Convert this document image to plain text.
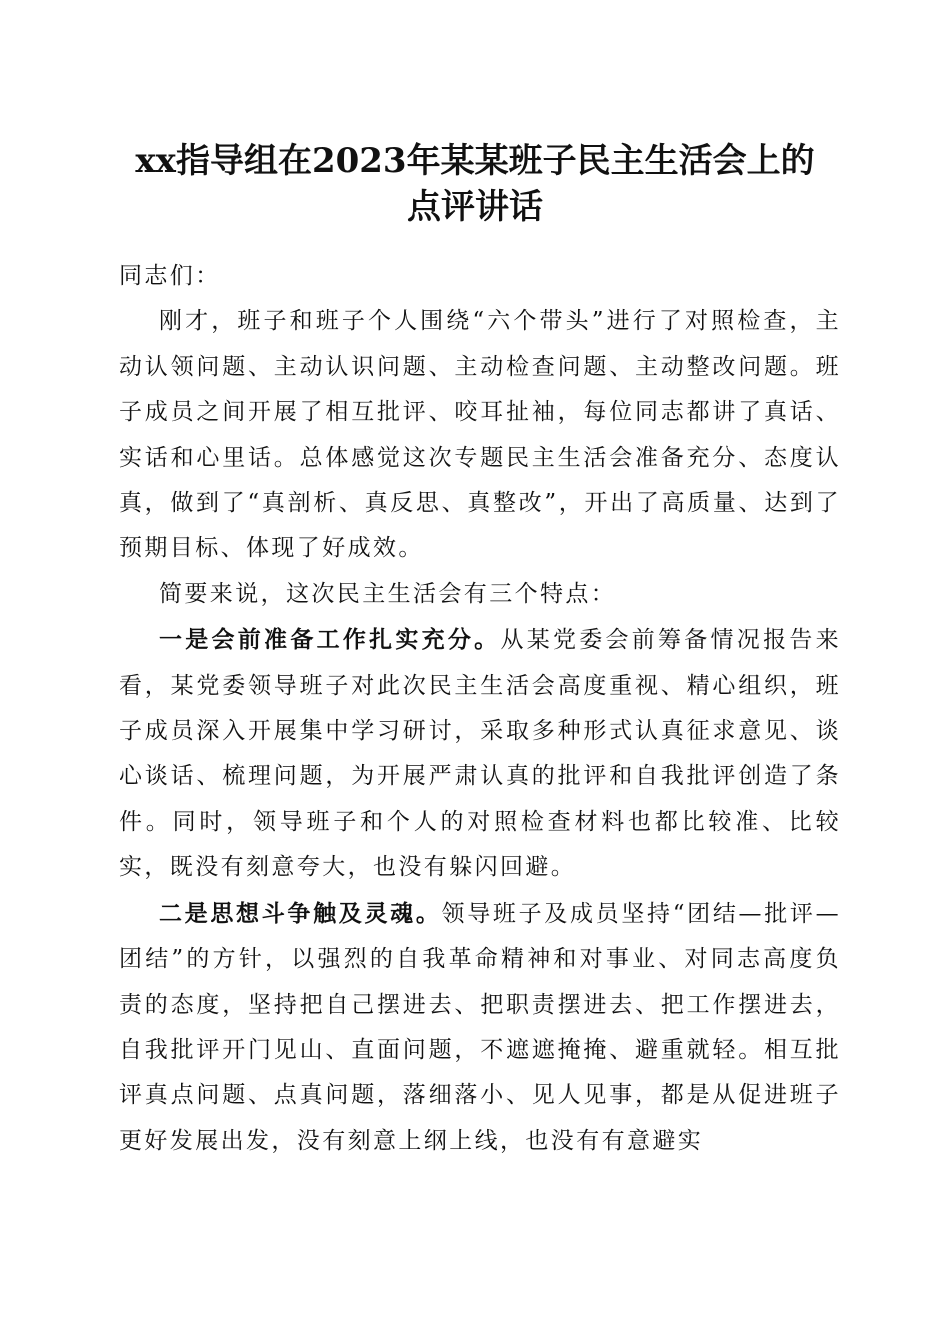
xx指导组在2023年某某班子民主生活会上的
点评讲话

同志们：

刚才，班子和班子个人围绕“六个带头”进行了对照检查，主动认领问题、主动认识问题、主动检查问题、主动整改问题。班子成员之间开展了相互批评、咬耳扯袖，每位同志都讲了真话、实话和心里话。总体感觉这次专题民主生活会准备充分、态度认真，做到了“真剖析、真反思、真整改”，开出了高质量、达到了预期目标、体现了好成效。

简要来说，这次民主生活会有三个特点：

一是会前准备工作扎实充分。从某党委会前筹备情况报告来看，某党委领导班子对此次民主生活会高度重视、精心组织，班子成员深入开展集中学习研讨，采取多种形式认真征求意见、谈心谈话、梳理问题，为开展严肃认真的批评和自我批评创造了条件。同时，领导班子和个人的对照检查材料也都比较准、比较实，既没有刻意夸大，也没有躲闪回避。

二是思想斗争触及灵魂。领导班子及成员坚持“团结—批评—团结”的方针，以强烈的自我革命精神和对事业、对同志高度负责的态度，坚持把自己摆进去、把职责摆进去、把工作摆进去，自我批评开门见山、直面问题，不遮遮掩掩、避重就轻。相互批评真点问题、点真问题，落细落小、见人见事，都是从促进班子更好发展出发，没有刻意上纲上线，也没有有意避实
